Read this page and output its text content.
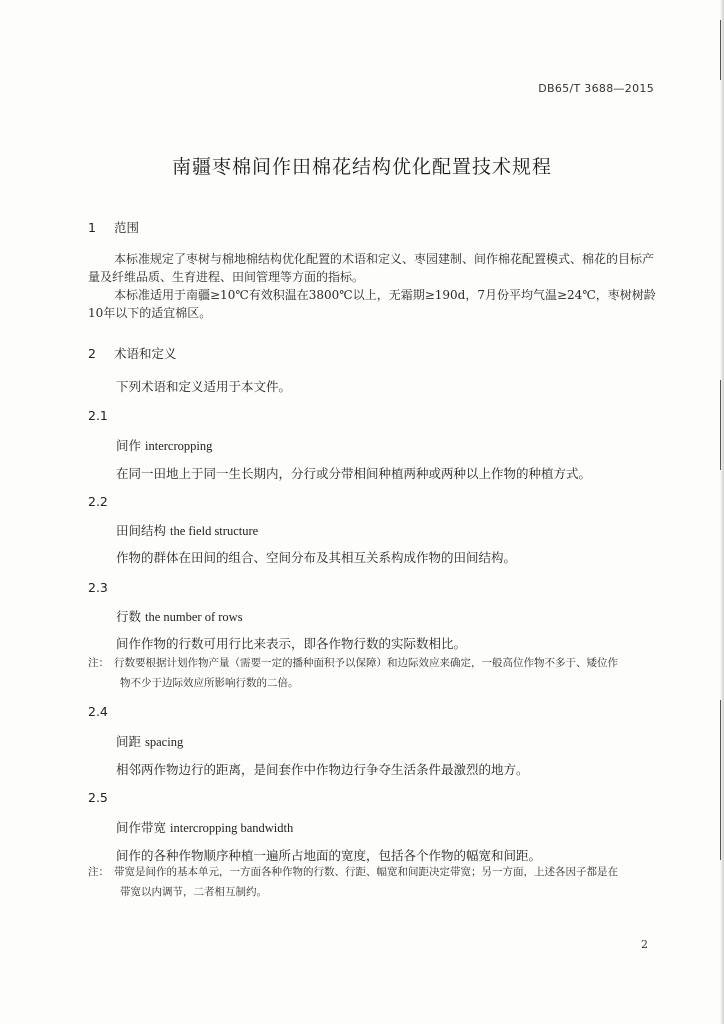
DB65/T 3688—2015
南疆枣棉间作田棉花结构优化配置技术规程
1 范围

本标准规定了枣树与棉地棉结构优化配置的术语和定义、枣园建制、间作棉花配置模式、棉花的目标产量及纤维品质、生育进程、田间管理等方面的指标。

本标准适用于南疆≥10℃有效积温在3800℃以上，无霜期≥190d，7月份平均气温≥24℃，枣树树龄10年以下的适宜棉区。

2 术语和定义
下列术语和定义适用于本文件。
2.1
间作 intercropping
在同一田地上于同一生长期内，分行或分带相间种植两种或两种以上作物的种植方式。
2.2
田间结构 the field structure
作物的群体在田间的组合、空间分布及其相互关系构成作物的田间结构。
2.3
行数 the number of rows
间作作物的行数可用行比来表示，即各作物行数的实际数相比。
注： 行数要根据计划作物产量（需要一定的播种面积予以保障）和边际效应来确定，一般高位作物不多于、矮位作
物不少于边际效应所影响行数的二倍。
2.4
间距 spacing
相邻两作物边行的距离，是间套作中作物边行争夺生活条件最激烈的地方。
2.5
间作带宽 intercropping bandwidth
间作的各种作物顺序种植一遍所占地面的宽度，包括各个作物的幅宽和间距。
注： 带宽是间作的基本单元，一方面各种作物的行数、行距、幅宽和间距决定带宽；另一方面，上述各因子都是在
带宽以内调节，二者相互制约。
2
